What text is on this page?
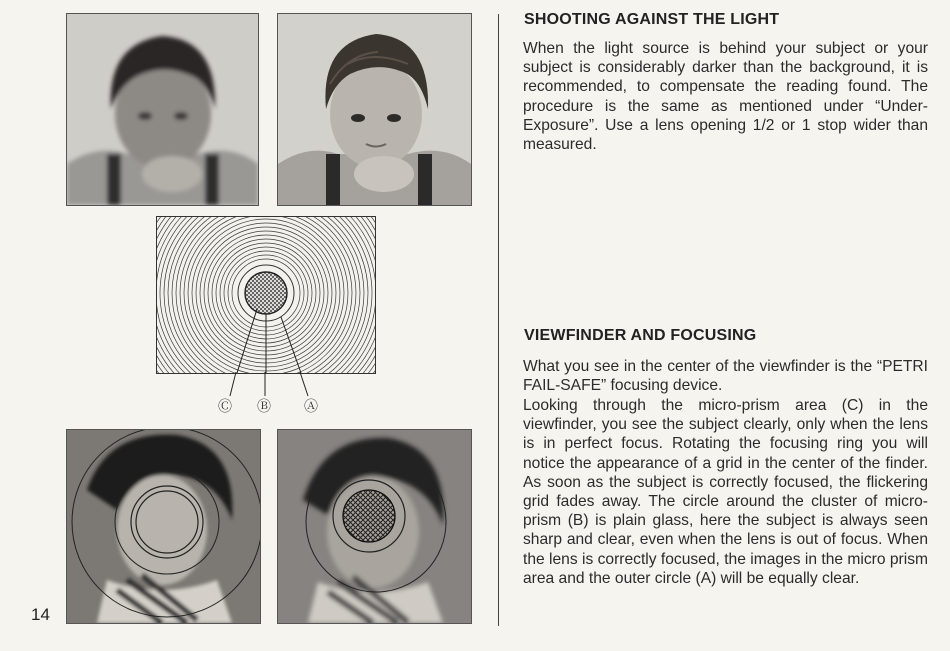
Ⓒ Ⓑ Ⓐ
14
SHOOTING AGAINST THE LIGHT

When the light source is behind your subject or your subject is considerably darker than the background, it is recommended, to compensate the reading found. The procedure is the same as mentioned under “Under-Exposure”. Use a lens opening 1/2 or 1 stop wider than measured.

VIEWFINDER AND FOCUSING

What you see in the center of the viewfinder is the “PETRI FAIL-SAFE” focusing device.

Looking through the micro-prism area (C) in the viewfinder, you see the subject clearly, only when the lens is in perfect focus. Rotating the focusing ring you will notice the appearance of a grid in the center of the finder. As soon as the subject is correctly focused, the flickering grid fades away. The circle around the cluster of micro-prism (B) is plain glass, here the subject is always seen sharp and clear, even when the lens is out of focus. When the lens is correctly focused, the images in the micro prism area and the outer circle (A) will be equally clear.
